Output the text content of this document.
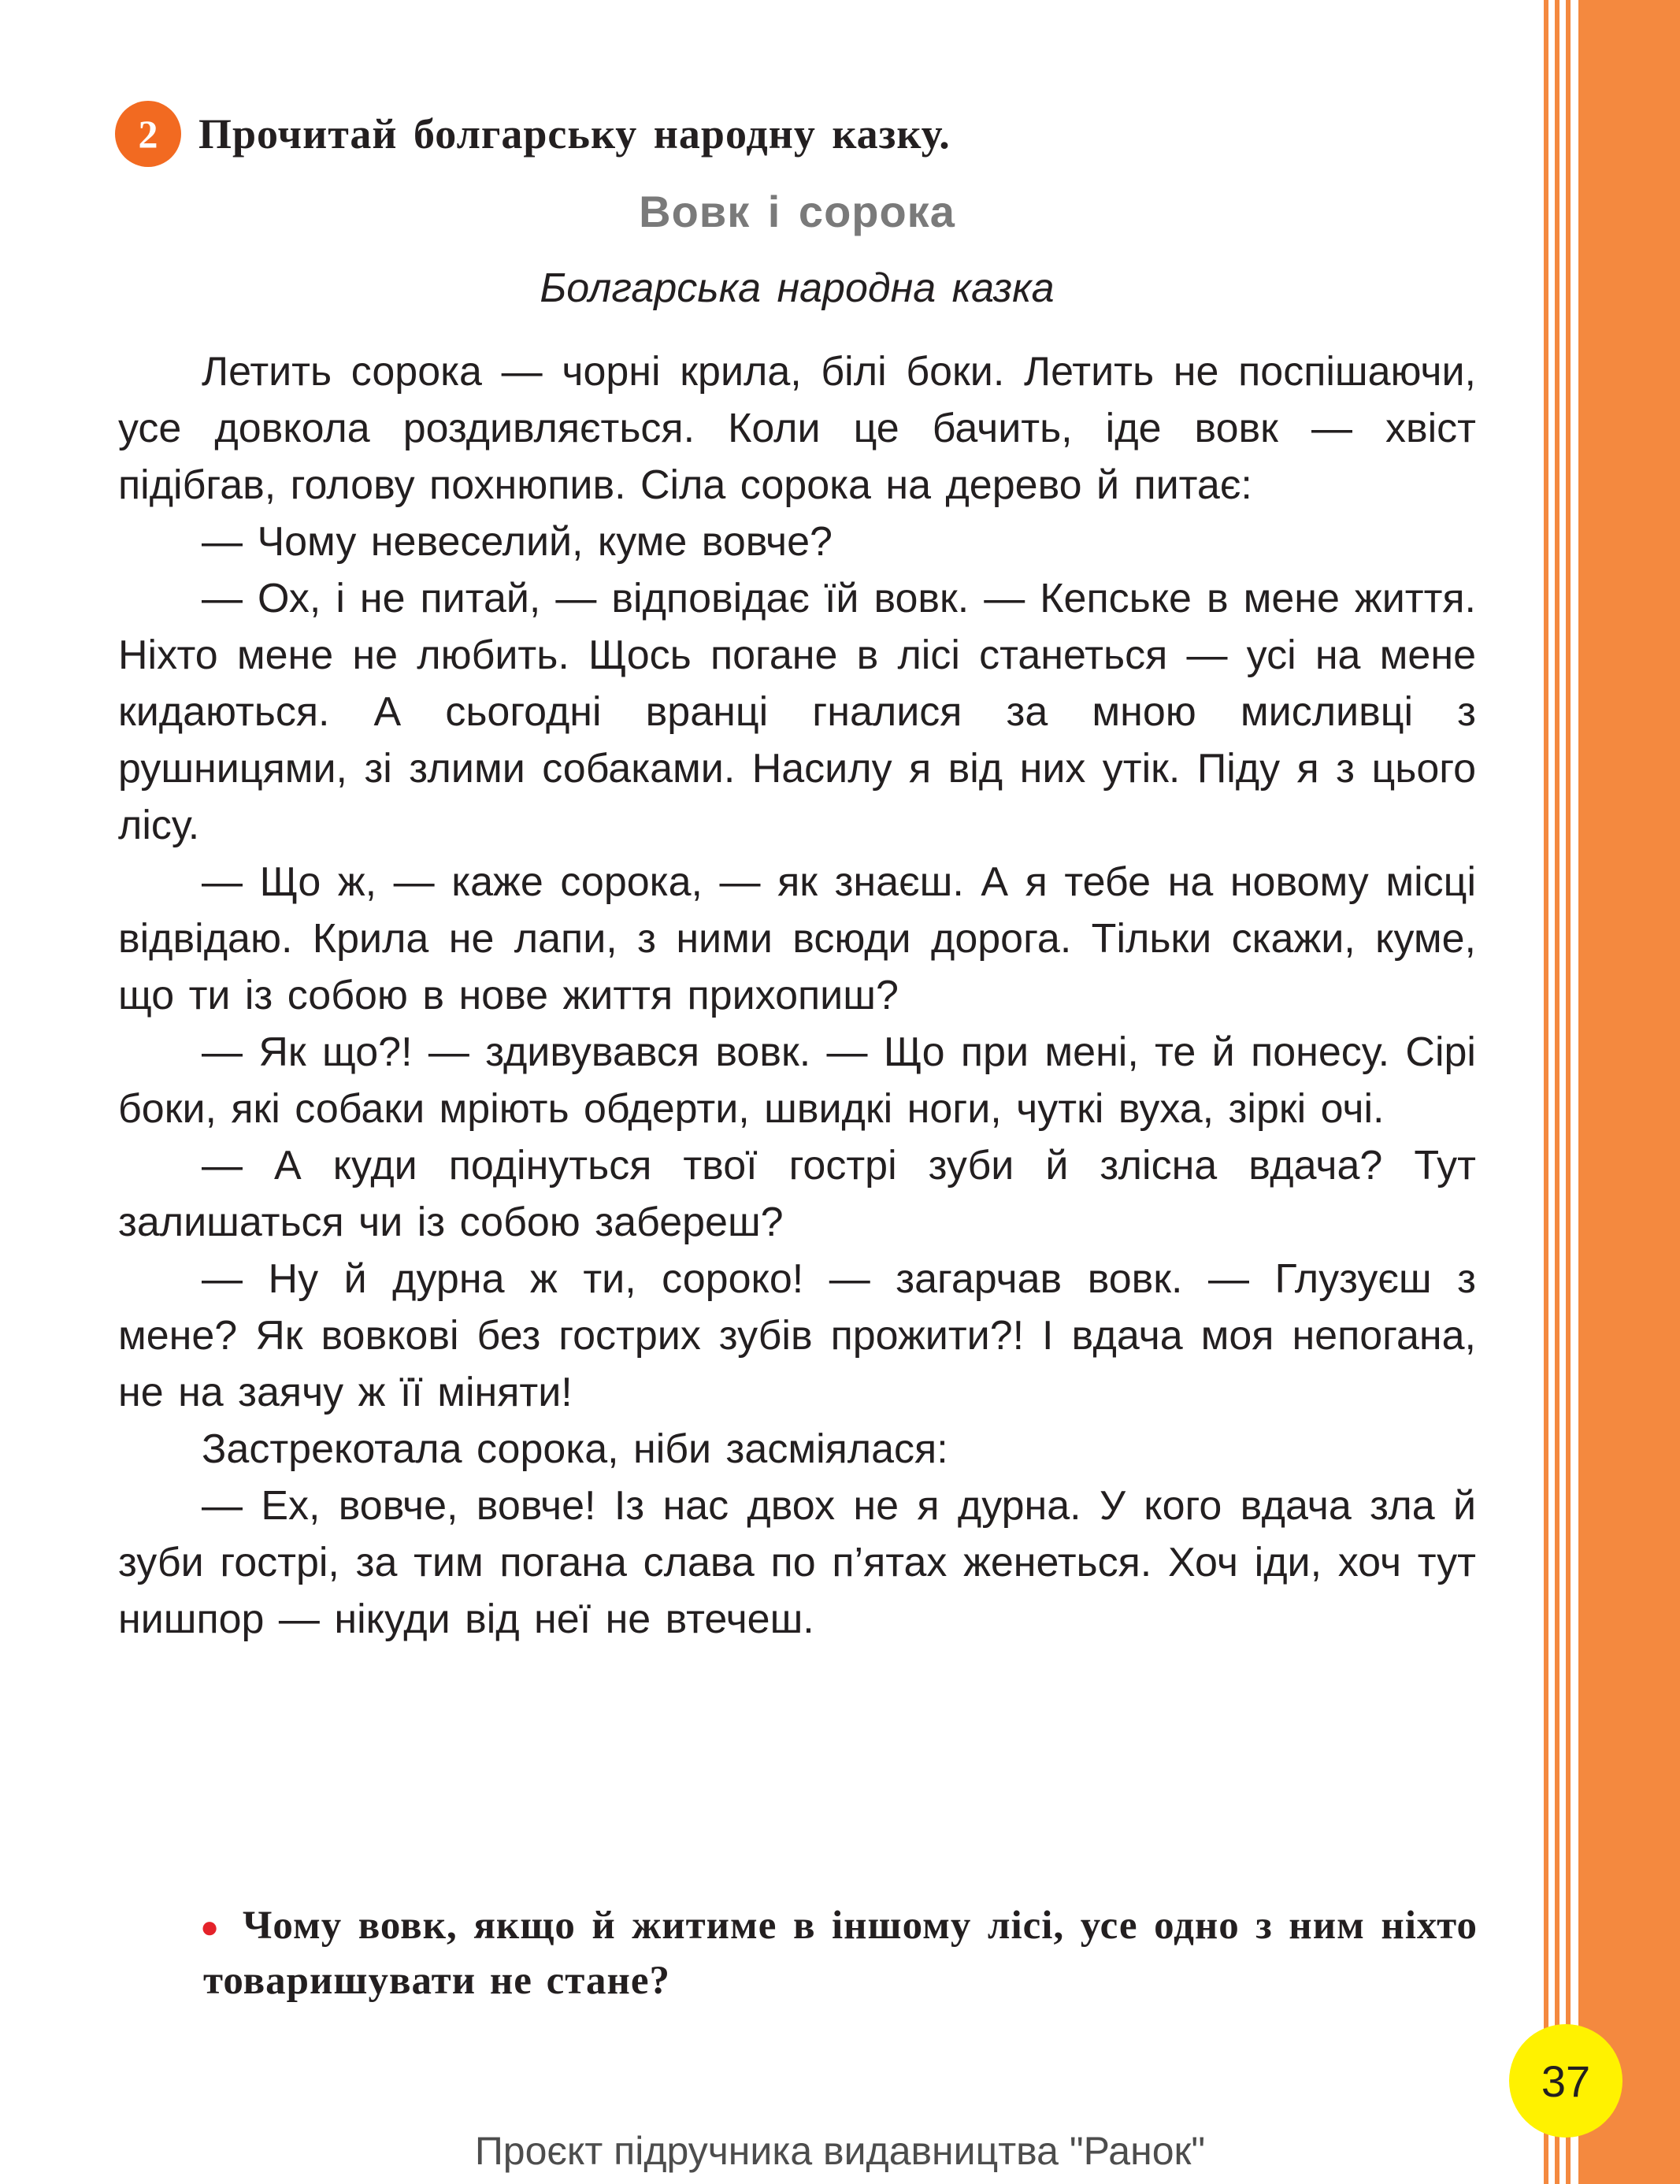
2 Прочитай болгарську народну казку.
Вовк і сорока
Болгарська народна казка

Летить сорока — чорні крила, білі боки. Летить не поспішаючи, усе довкола роздивляється. Коли це бачить, іде вовк — хвіст підібгав, голову похнюпив. Сіла сорока на дерево й питає:

— Чому невеселий, куме вовче?

— Ох, і не питай, — відповідає їй вовк. — Кепське в мене життя. Ніхто мене не любить. Щось погане в лісі станеться — усі на мене кидаються. А сьогодні вранці гналися за мною мисливці з рушницями, зі злими собаками. Насилу я від них утік. Піду я з цього лісу.

— Що ж, — каже сорока, — як знаєш. А я тебе на новому місці відвідаю. Крила не лапи, з ними всюди дорога. Тільки скажи, куме, що ти із собою в нове життя прихопиш?

— Як що?! — здивувався вовк. — Що при мені, те й понесу. Сірі боки, які собаки мріють обдерти, швидкі ноги, чуткі вуха, зіркі очі.

— А куди подінуться твої гострі зуби й злісна вдача? Тут залишаться чи із собою забереш?

— Ну й дурна ж ти, сороко! — загарчав вовк. — Глузуєш з мене? Як вовкові без гострих зубів прожити?! І вдача моя непогана, не на заячу ж її міняти!

Застрекотала сорока, ніби засміялася:

— Ех, вовче, вовче! Із нас двох не я дурна. У кого вдача зла й зуби гострі, за тим погана слава по п’ятах женеться. Хоч іди, хоч тут нишпор — нікуди від неї не втечеш.

● Чому вовк, якщо й житиме в іншому лісі, усе одно з ним ніхто товаришувати не стане?
37
Проєкт підручника видавництва "Ранок"
